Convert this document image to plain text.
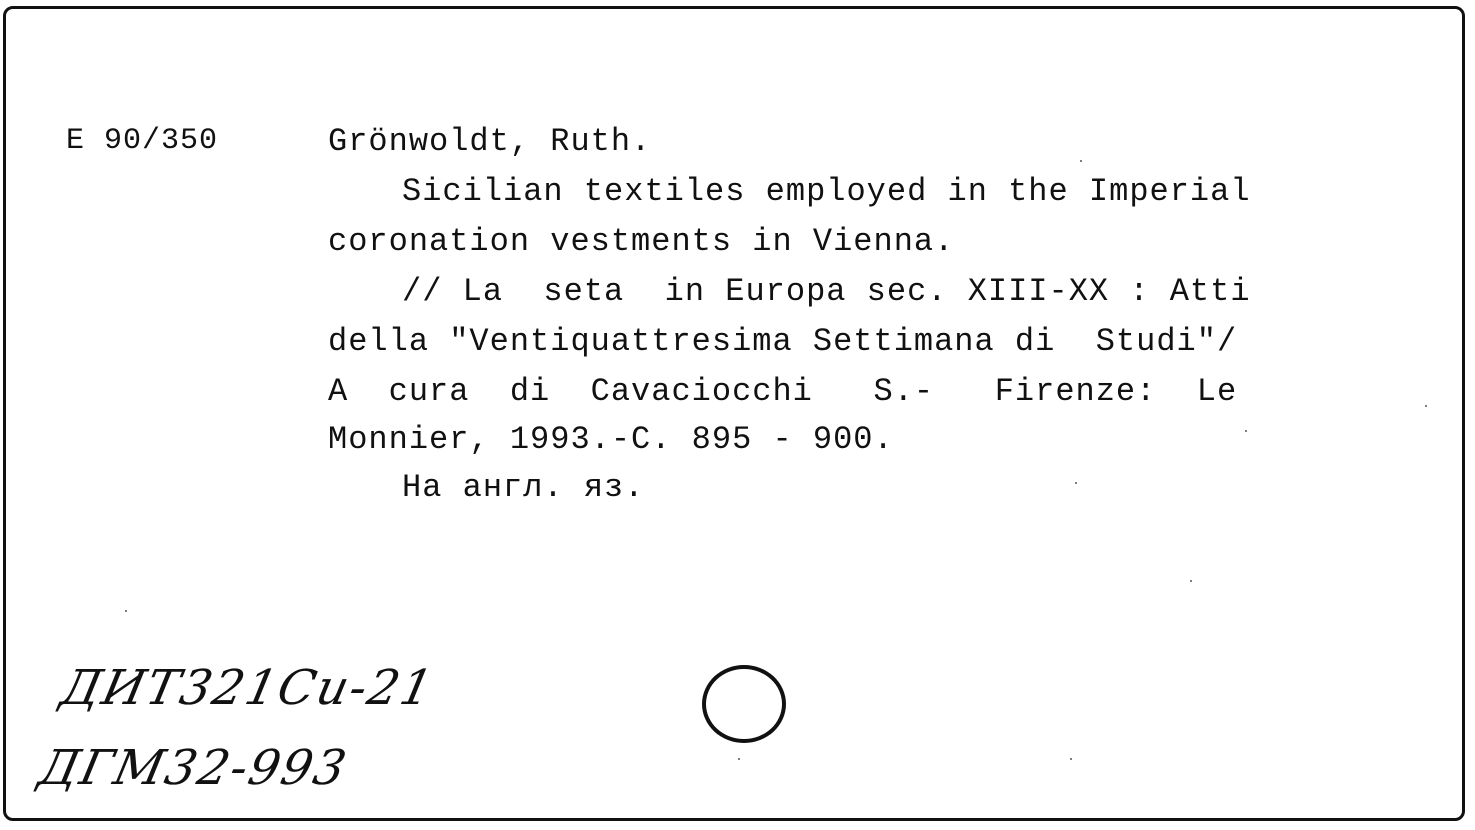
E 90/350	Grönwoldt, Ruth.
Sicilian textiles employed in the Imperial
coronation vestments in Vienna.
// La  seta  in Europa sec. XIII-XX : Atti
della "Ventiquattresima Settimana di  Studi"/
A  cura  di  Cavaciocchi   S.-   Firenze:  Le
Monnier, 1993.-C. 895 - 900.
На англ. яз.
ДИТ321Си-21
ДГМ32-993
